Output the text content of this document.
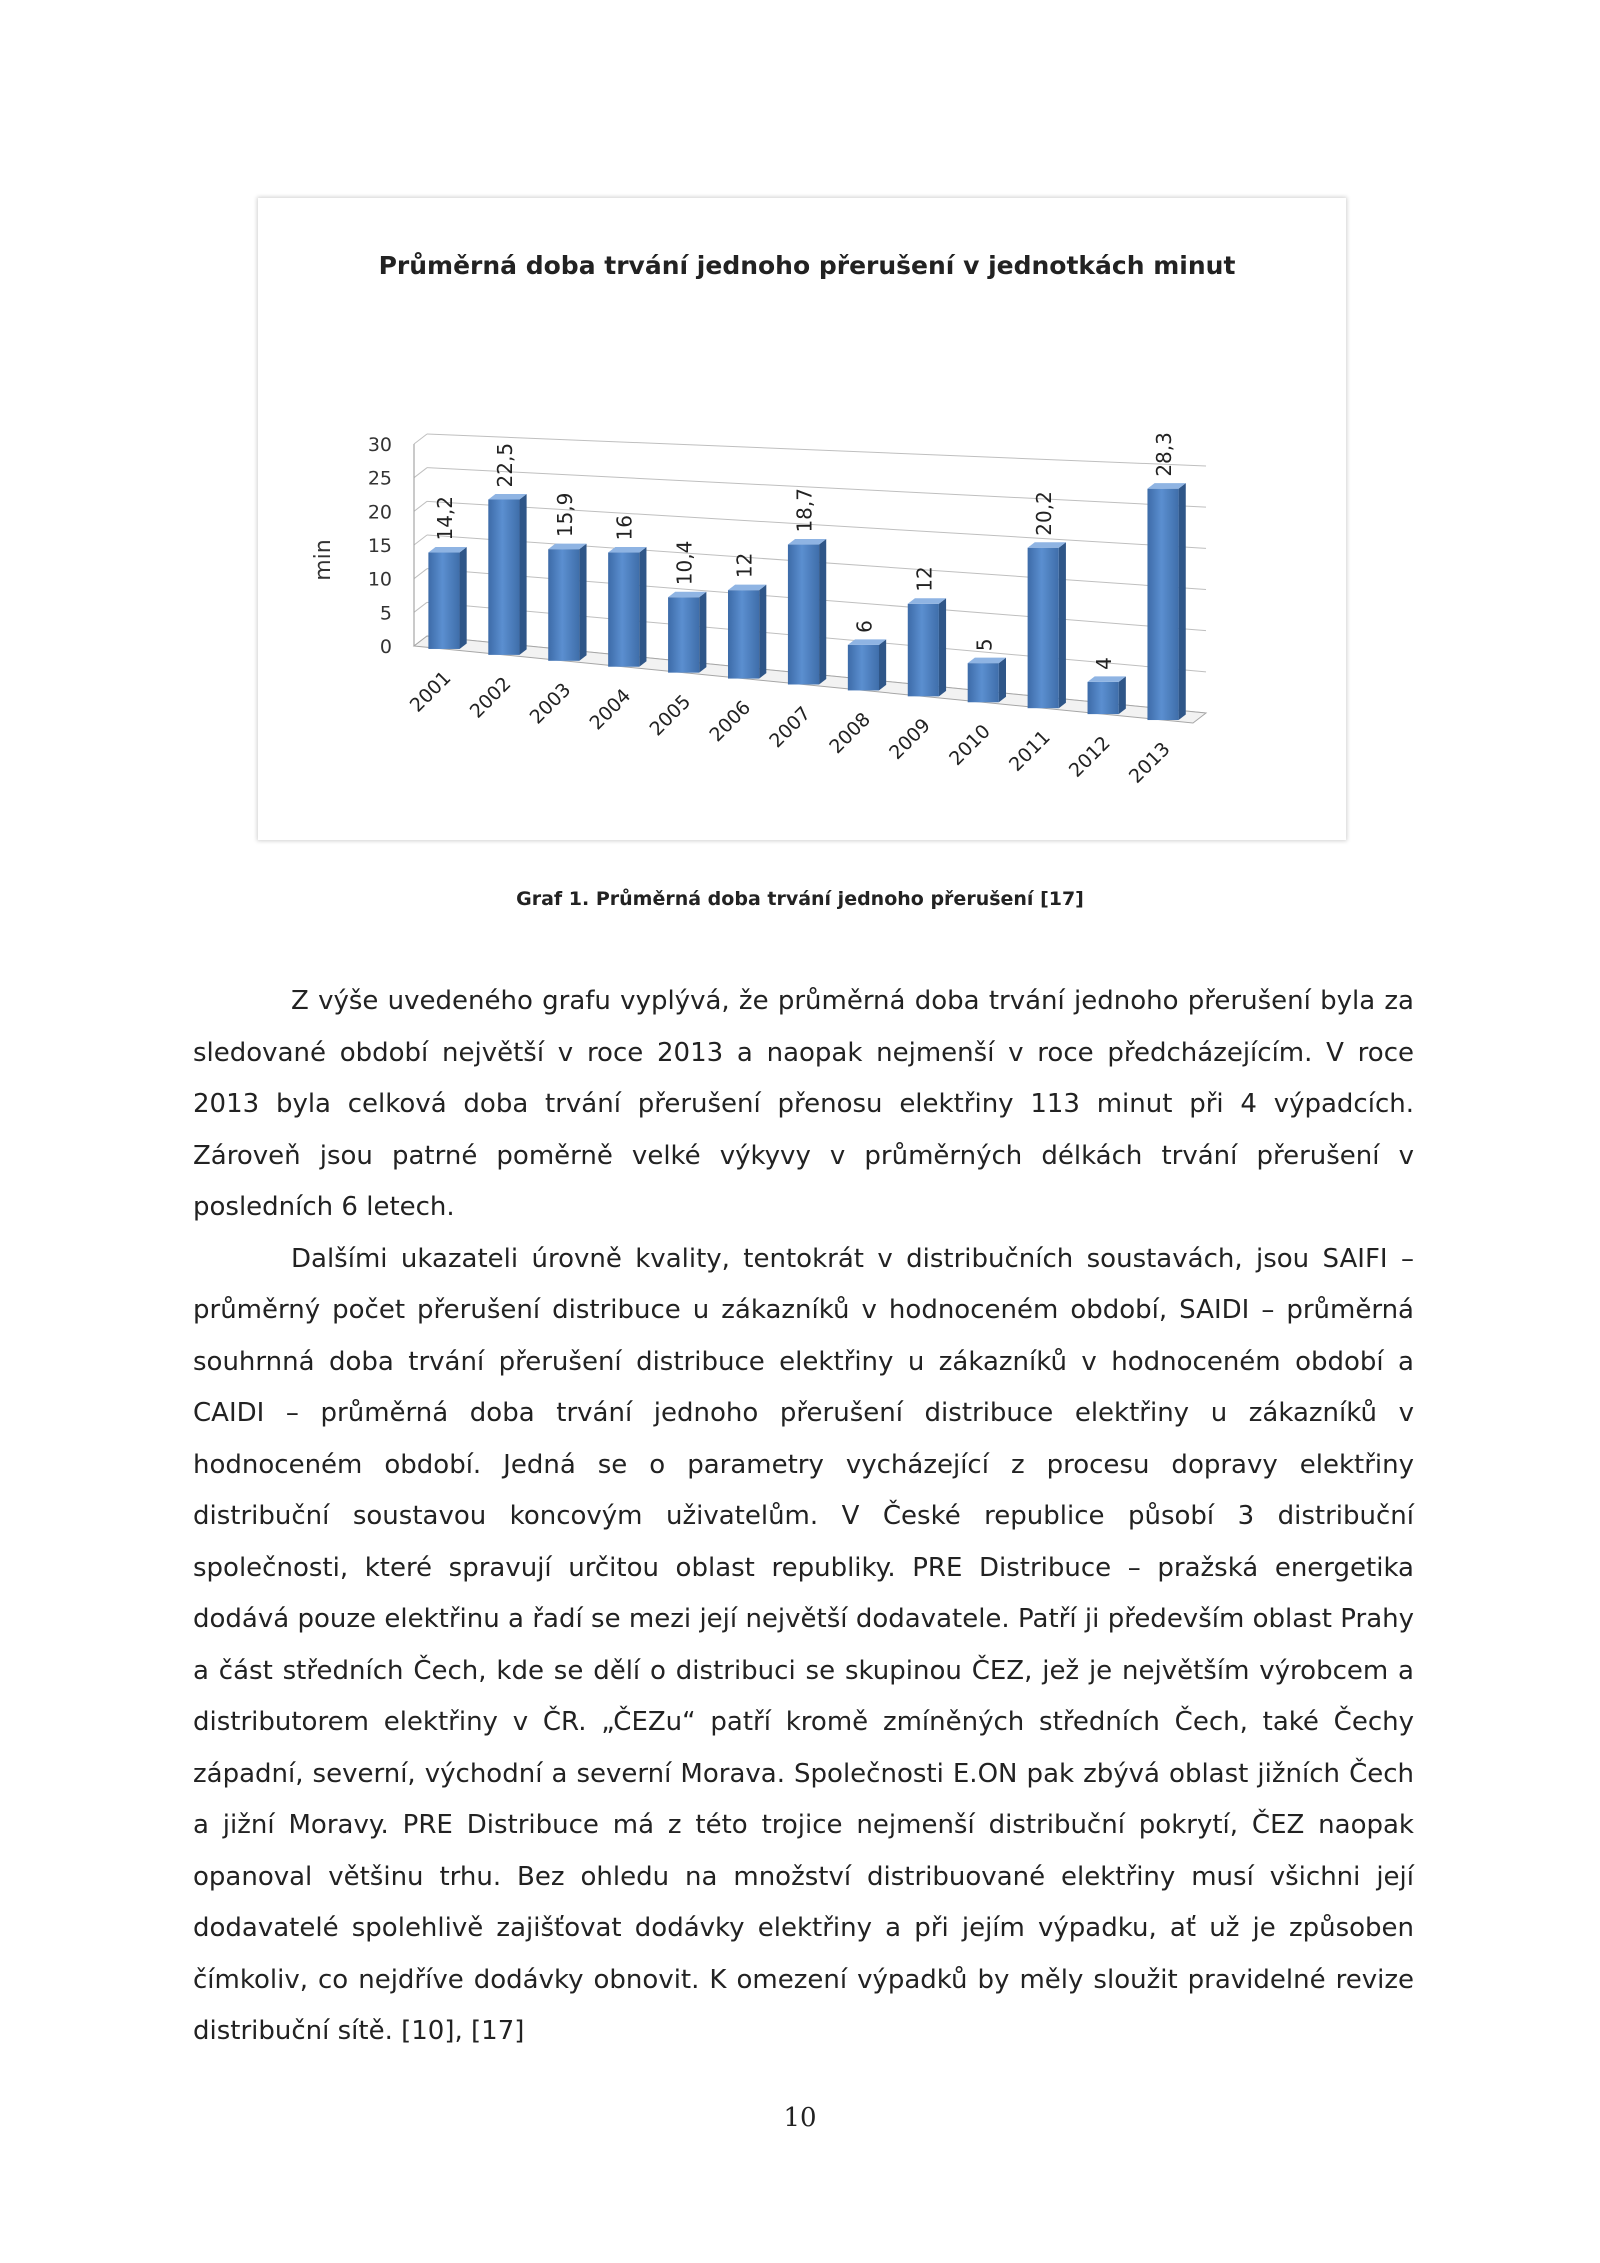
Průměrná doba trvání jednoho přerušení v jednotkách minut
0
5
10
15
20
25
30
min
14,2
2001
22,5
2002
15,9
2003
16
2004
10,4
2005
12
2006
18,7
2007
6
2008
12
2009
5
2010
20,2
2011
4
2012
28,3
2013
Graf 1. Průměrná doba trvání jednoho přerušení [17]

Z výše uvedeného grafu vyplývá, že průměrná doba trvání jednoho přerušení byla za sledované období největší v roce 2013 a naopak nejmenší v roce předcházejícím. V roce 2013 byla celková doba trvání přerušení přenosu elektřiny 113 minut při 4 výpadcích. Zároveň jsou patrné poměrně velké výkyvy v průměrných délkách trvání přerušení v posledních 6 letech.

Dalšími ukazateli úrovně kvality, tentokrát v distribučních soustavách, jsou SAIFI – průměrný počet přerušení distribuce u zákazníků v hodnoceném období, SAIDI – průměrná souhrnná doba trvání přerušení distribuce elektřiny u zákazníků v hodnoceném období a CAIDI – průměrná doba trvání jednoho přerušení distribuce elektřiny u zákazníků v hodnoceném období. Jedná se o parametry vycházející z procesu dopravy elektřiny distribuční soustavou koncovým uživatelům. V České republice působí 3 distribuční společnosti, které spravují určitou oblast republiky. PRE Distribuce – pražská energetika dodává pouze elektřinu a řadí se mezi její největší dodavatele. Patří ji především oblast Prahy a část středních Čech, kde se dělí o distribuci se skupinou ČEZ, jež je největším výrobcem a distributorem elektřiny v ČR. „ČEZu“ patří kromě zmíněných středních Čech, také Čechy západní, severní, východní a severní Morava. Společnosti E.ON pak zbývá oblast jižních Čech a jižní Moravy. PRE Distribuce má z této trojice nejmenší distribuční pokrytí, ČEZ naopak opanoval většinu trhu. Bez ohledu na množství distribuované elektřiny musí všichni její dodavatelé spolehlivě zajišťovat dodávky elektřiny a při jejím výpadku, ať už je způsoben čímkoliv, co nejdříve dodávky obnovit. K omezení výpadků by měly sloužit pravidelné revize distribuční sítě. [10], [17]

10
